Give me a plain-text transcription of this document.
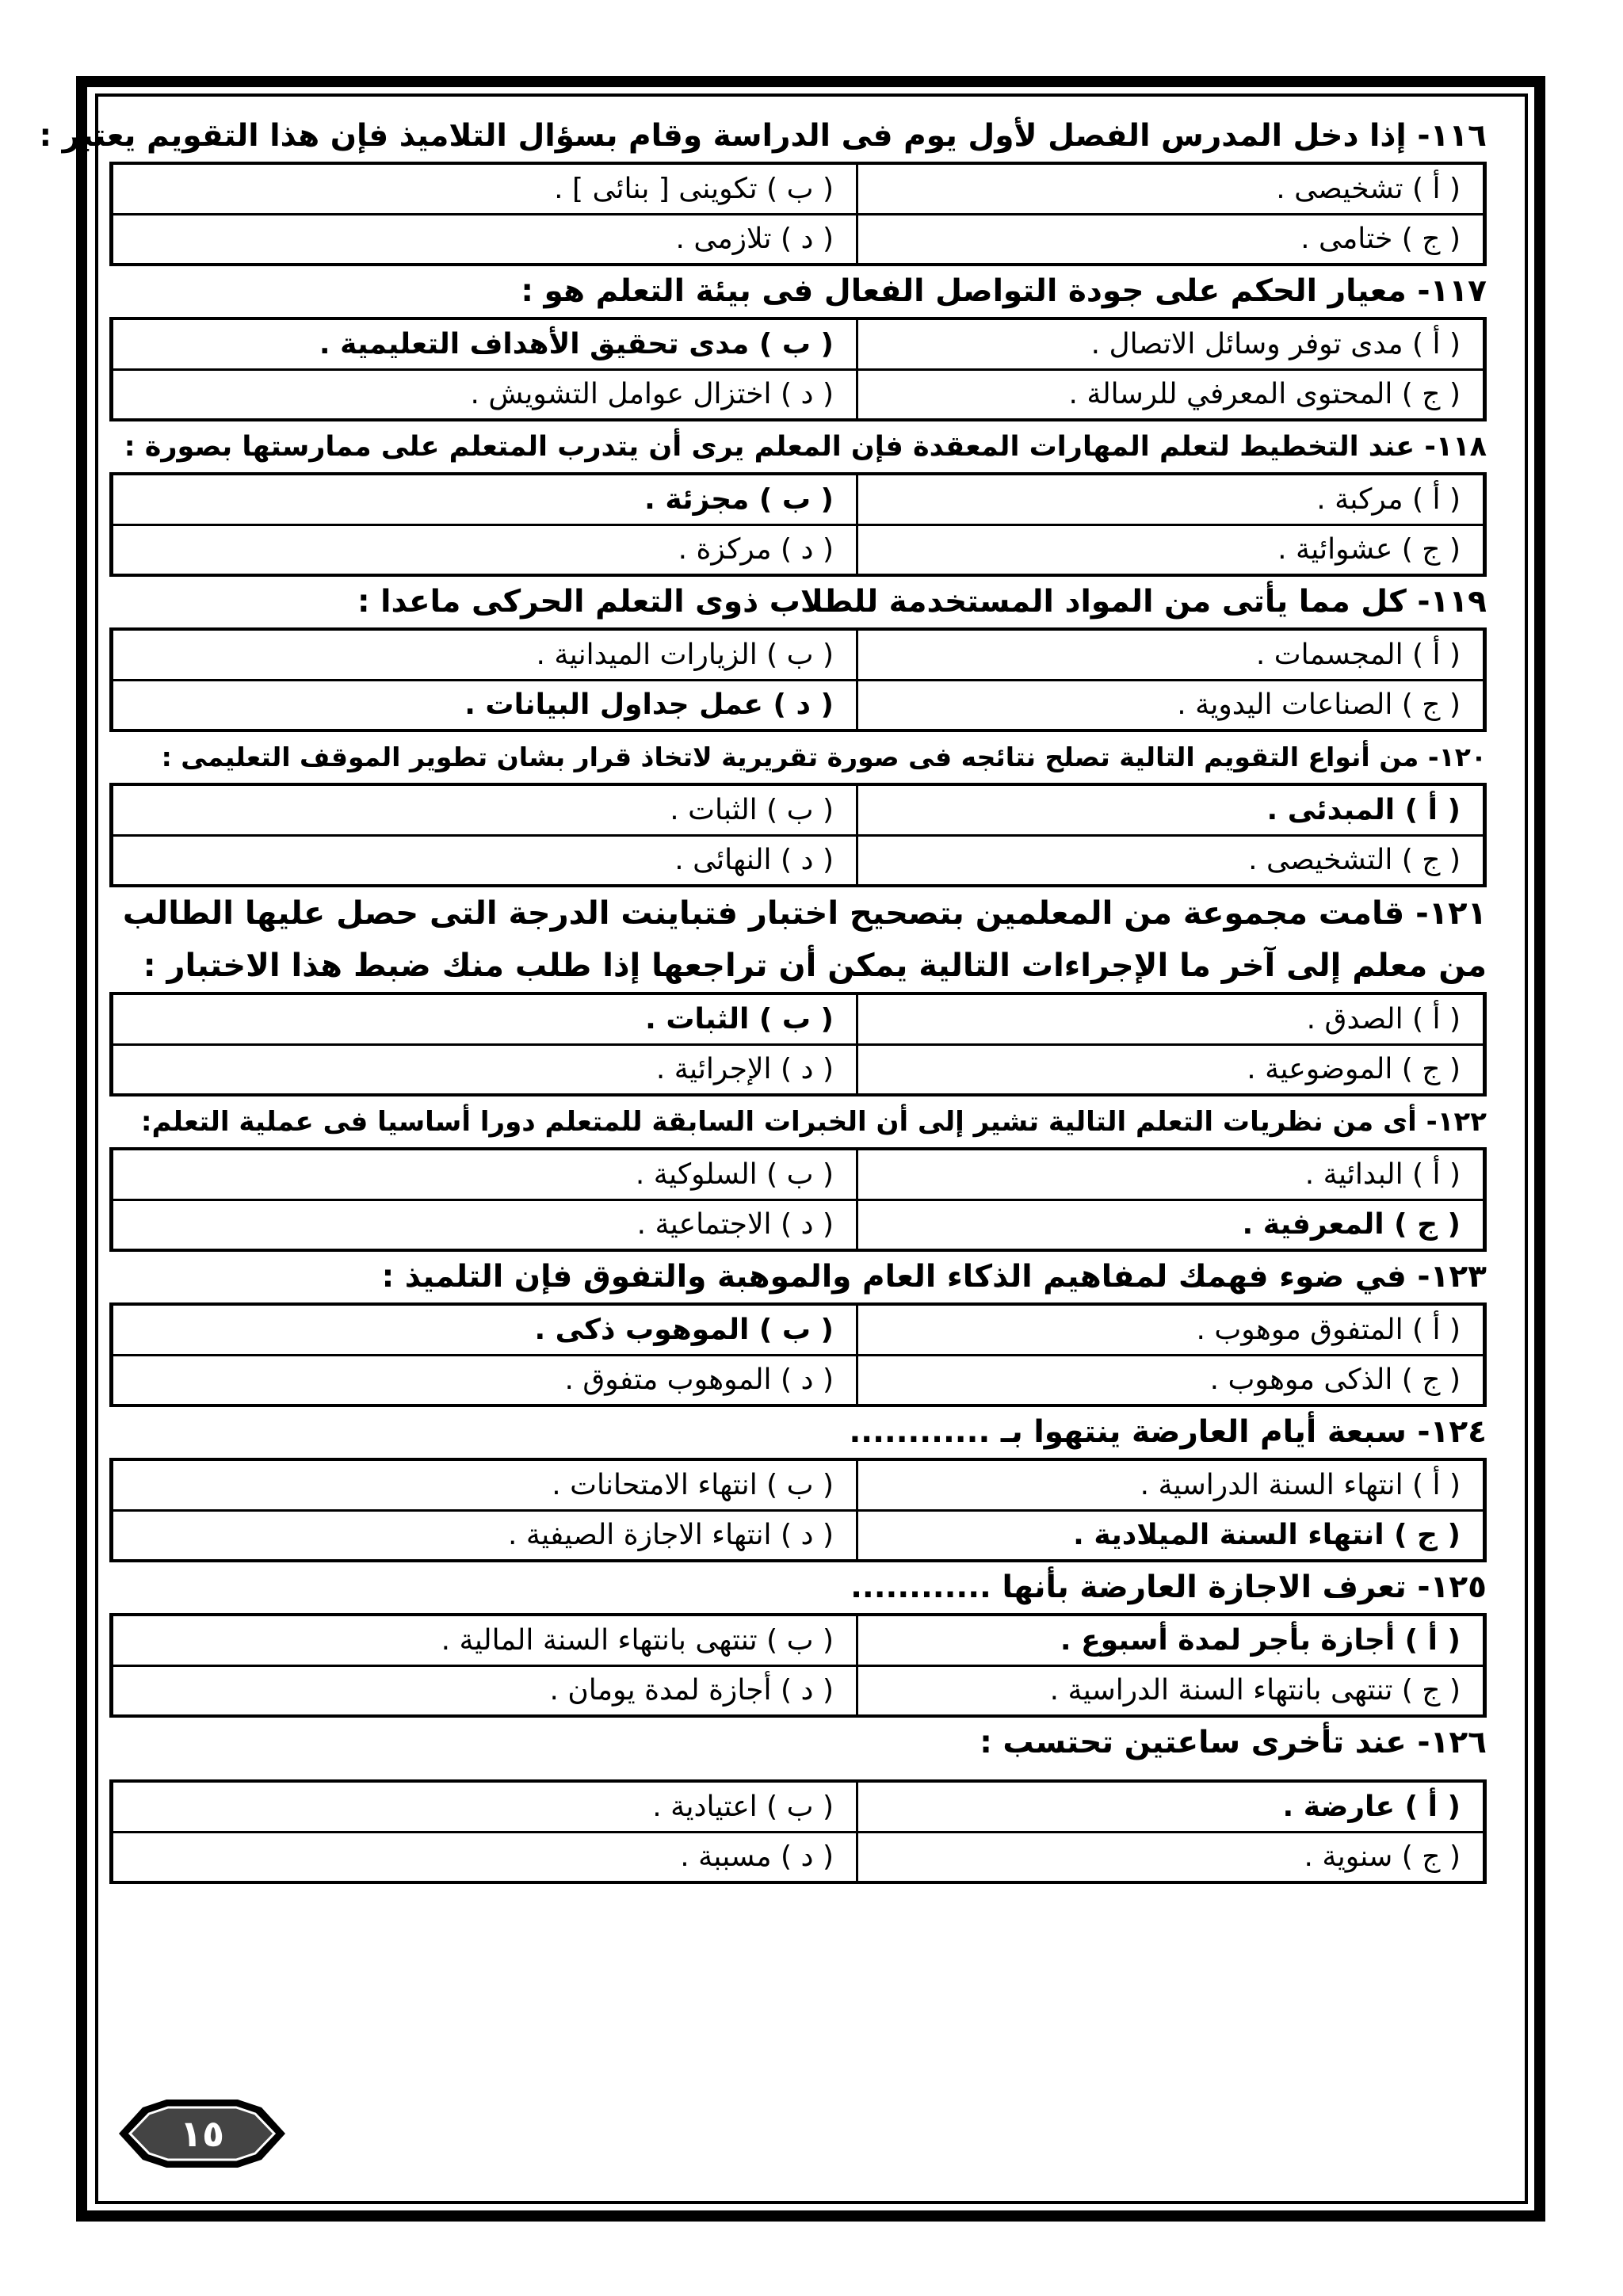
١١٦- إذا دخل المدرس الفصل لأول يوم فى الدراسة وقام بسؤال التلاميذ فإن هذا التقويم يعتبر :

( أ ) تشخيصى .	( ب ) تكوينى [ بنائى ] .
( ج ) ختامى .	( د ) تلازمى .

١١٧- معيار الحكم على جودة التواصل الفعال فى بيئة التعلم هو :

( أ ) مدى توفر وسائل الاتصال .	( ب ) مدى تحقيق الأهداف التعليمية .
( ج ) المحتوى المعرفي للرسالة .	( د ) اختزال عوامل التشويش .

١١٨- عند التخطيط لتعلم المهارات المعقدة فإن المعلم يرى أن يتدرب المتعلم على ممارستها بصورة :

( أ ) مركبة .	( ب ) مجزئة .
( ج ) عشوائية .	( د ) مركزة .

١١٩- كل مما يأتى من المواد المستخدمة للطلاب ذوى التعلم الحركى ماعدا :

( أ ) المجسمات .	( ب ) الزيارات الميدانية .
( ج ) الصناعات اليدوية .	( د ) عمل جداول البيانات .

١٢٠- من أنواع التقويم التالية تصلح نتائجه فى صورة تقريرية لاتخاذ قرار بشان تطوير الموقف التعليمى :

( أ ) المبدئى .	( ب ) الثبات .
( ج ) التشخيصى .	( د ) النهائى .

١٢١- قامت مجموعة من المعلمين بتصحيح اختبار فتباينت الدرجة التى حصل عليها الطالب من معلم إلى آخر ما الإجراءات التالية يمكن أن تراجعها إذا طلب منك ضبط هذا الاختبار :

( أ ) الصدق .	( ب ) الثبات .
( ج ) الموضوعية .	( د ) الإجرائية .

١٢٢- أى من نظريات التعلم التالية تشير إلى أن الخبرات السابقة للمتعلم دورا أساسيا فى عملية التعلم:

( أ ) البدائية .	( ب ) السلوكية .
( ج ) المعرفية .	( د ) الاجتماعية .

١٢٣- في ضوء فهمك لمفاهيم الذكاء العام والموهبة والتفوق فإن التلميذ :

( أ ) المتفوق موهوب .	( ب ) الموهوب ذكى .
( ج ) الذكى موهوب .	( د ) الموهوب متفوق .

١٢٤- سبعة أيام العارضة ينتهوا بـ ............

( أ ) انتهاء السنة الدراسية .	( ب ) انتهاء الامتحانات .
( ج ) انتهاء السنة الميلادية .	( د ) انتهاء الاجازة الصيفية .

١٢٥- تعرف الاجازة العارضة بأنها ............

( أ ) أجازة بأجر لمدة أسبوع .	( ب ) تنتهى بانتهاء السنة المالية .
( ج ) تنتهى بانتهاء السنة الدراسية .	( د ) أجازة لمدة يومان .

١٢٦- عند تأخرى ساعتين تحتسب :

( أ ) عارضة .	( ب ) اعتيادية .
( ج ) سنوية .	( د ) مسببة .
١٥
